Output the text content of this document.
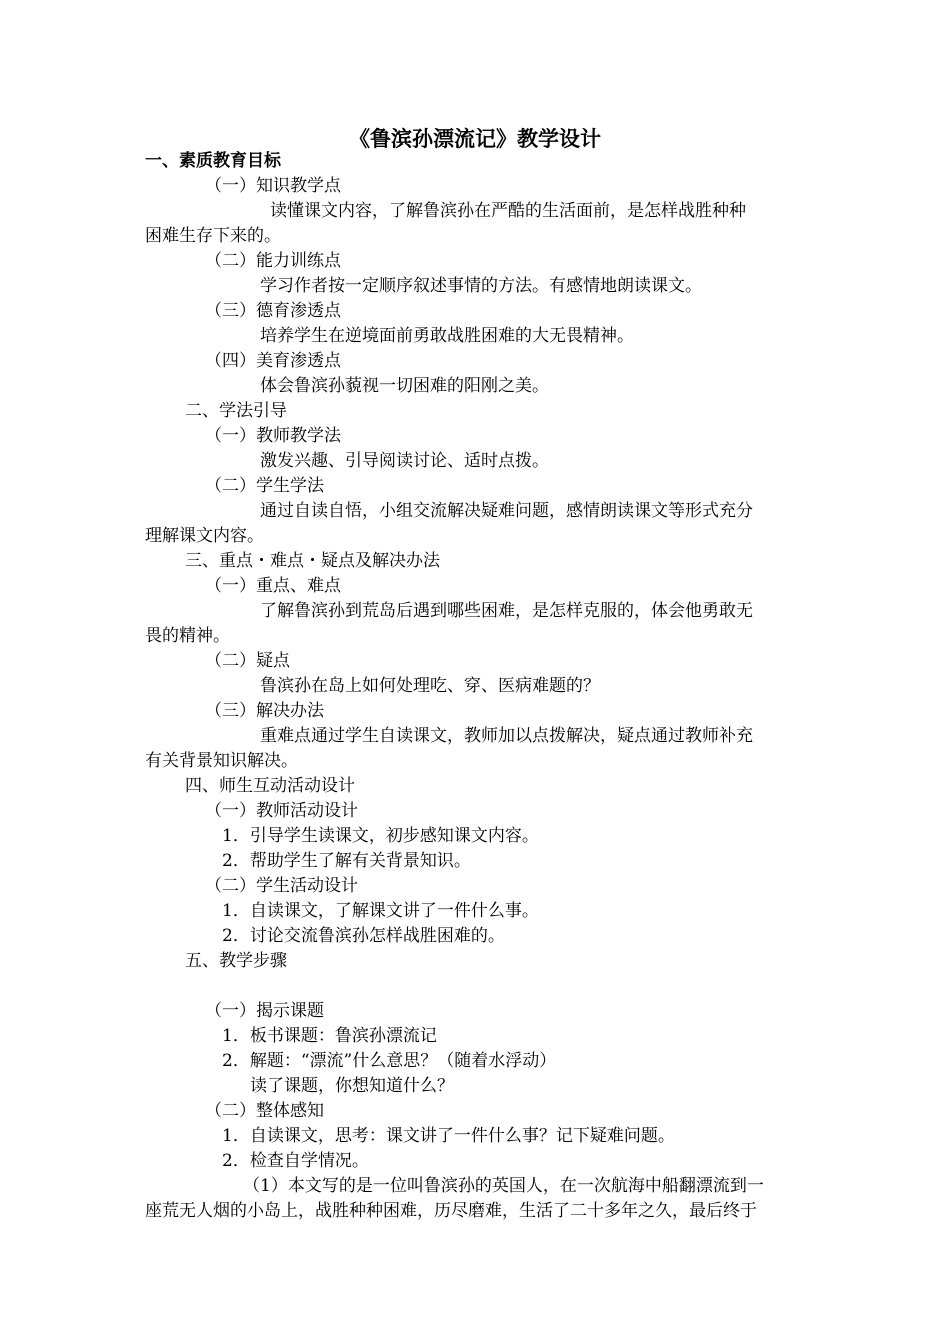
《鲁滨孙漂流记》教学设计
一、素质教育目标
（一）知识教学点
读懂课文内容，了解鲁滨孙在严酷的生活面前，是怎样战胜种种
困难生存下来的。
（二）能力训练点
学习作者按一定顺序叙述事情的方法。有感情地朗读课文。
（三）德育渗透点
培养学生在逆境面前勇敢战胜困难的大无畏精神。
（四）美育渗透点
体会鲁滨孙藐视一切困难的阳刚之美。
二、学法引导
（一）教师教学法
激发兴趣、引导阅读讨论、适时点拨。
（二）学生学法
通过自读自悟，小组交流解决疑难问题，感情朗读课文等形式充分
理解课文内容。
三、重点・难点・疑点及解决办法
（一）重点、难点
了解鲁滨孙到荒岛后遇到哪些困难，是怎样克服的，体会他勇敢无
畏的精神。
（二）疑点
鲁滨孙在岛上如何处理吃、穿、医病难题的？
（三）解决办法
重难点通过学生自读课文，教师加以点拨解决，疑点通过教师补充
有关背景知识解决。
四、师生互动活动设计
（一）教师活动设计
1．引导学生读课文，初步感知课文内容。
2．帮助学生了解有关背景知识。
（二）学生活动设计
1．自读课文，了解课文讲了一件什么事。
2．讨论交流鲁滨孙怎样战胜困难的。
五、教学步骤
（一）揭示课题
1．板书课题：鲁滨孙漂流记
2．解题：“漂流”什么意思？（随着水浮动）
读了课题，你想知道什么？
（二）整体感知
1．自读课文，思考：课文讲了一件什么事？记下疑难问题。
2．检查自学情况。
（1）本文写的是一位叫鲁滨孙的英国人，在一次航海中船翻漂流到一
座荒无人烟的小岛上，战胜种种困难，历尽磨难，生活了二十多年之久，最后终于
